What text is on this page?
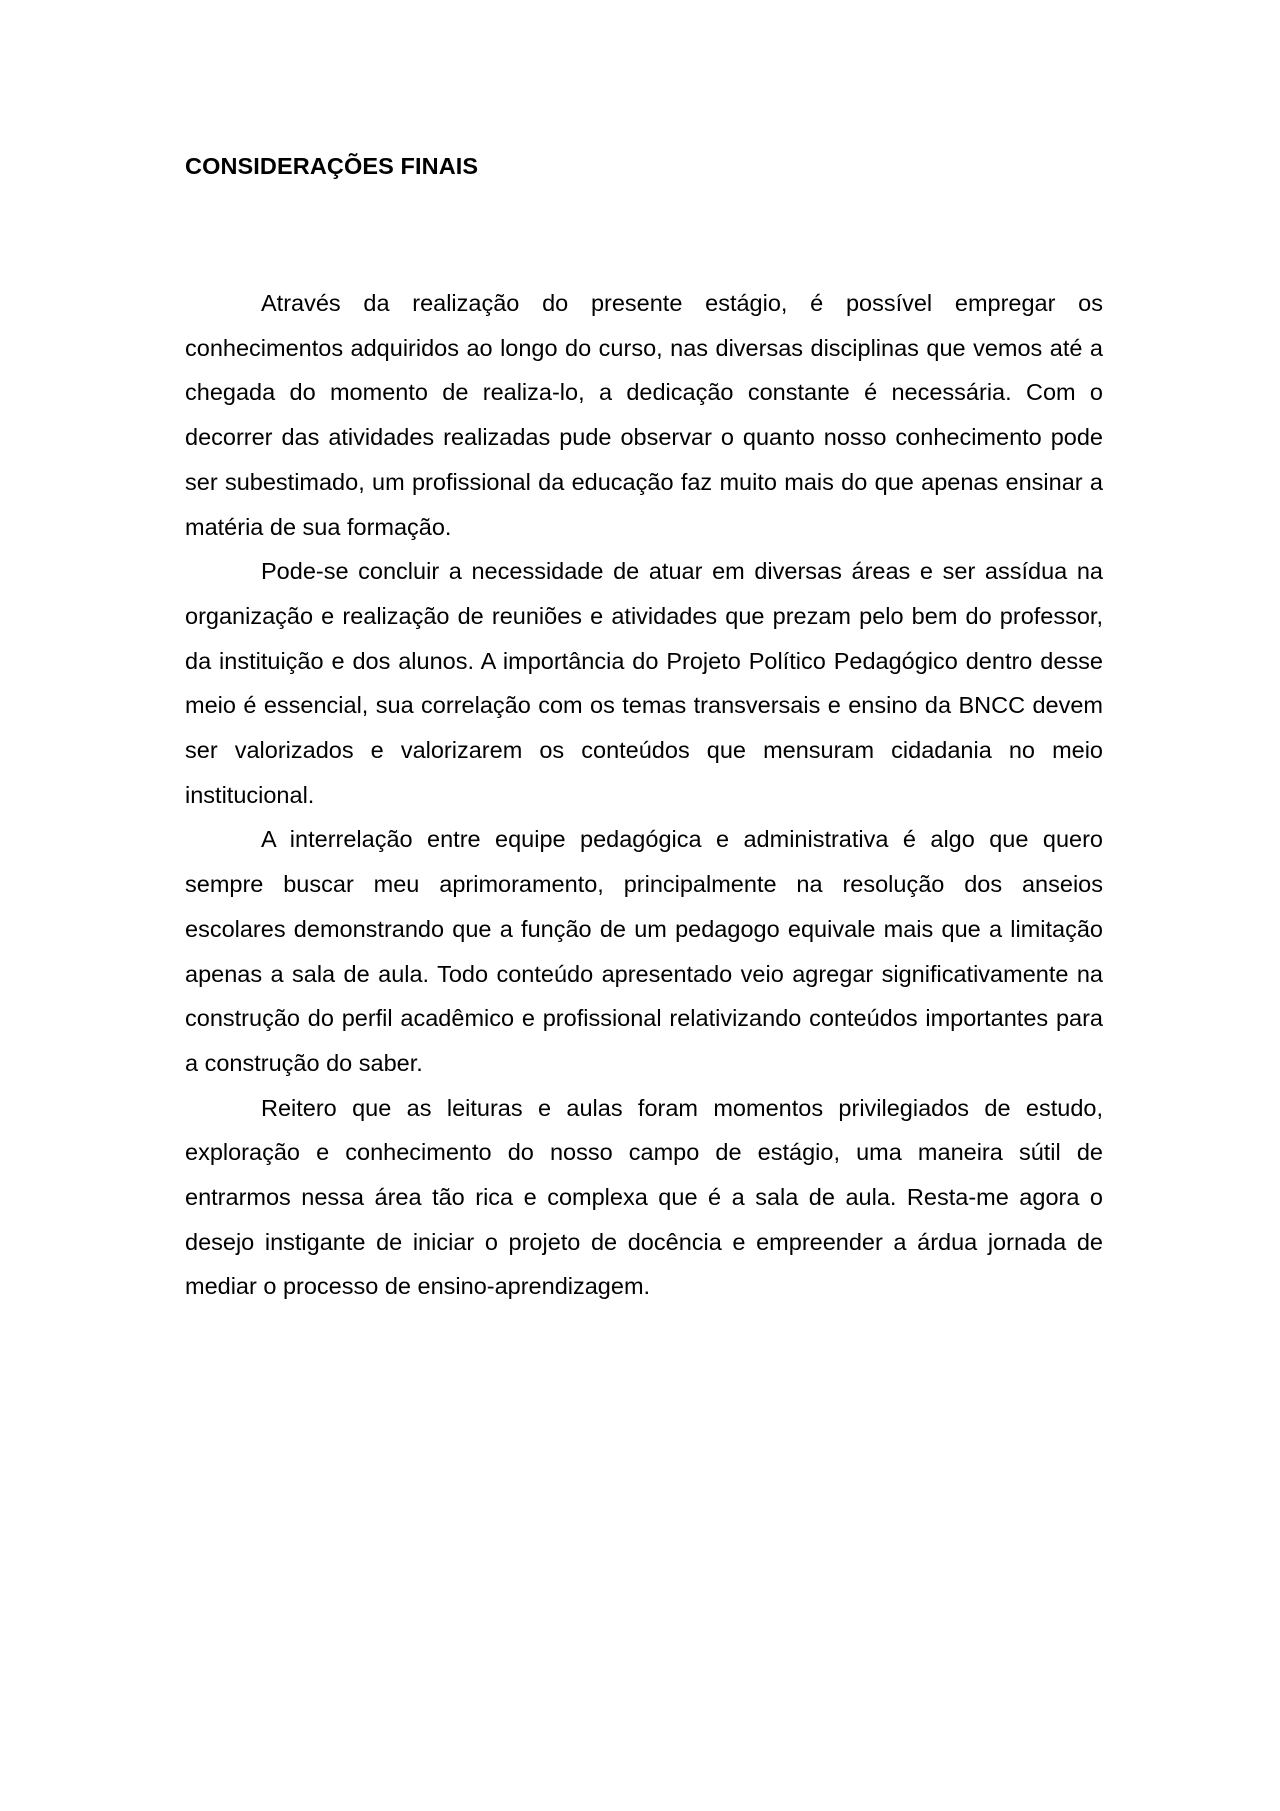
CONSIDERAÇÕES FINAIS

Através da realização do presente estágio, é possível empregar os conhecimentos adquiridos ao longo do curso, nas diversas disciplinas que vemos até a chegada do momento de realiza-lo, a dedicação constante é necessária. Com o decorrer das atividades realizadas pude observar o quanto nosso conhecimento pode ser subestimado, um profissional da educação faz muito mais do que apenas ensinar a matéria de sua formação.

Pode-se concluir a necessidade de atuar em diversas áreas e ser assídua na organização e realização de reuniões e atividades que prezam pelo bem do professor, da instituição e dos alunos. A importância do Projeto Político Pedagógico dentro desse meio é essencial, sua correlação com os temas transversais e ensino da BNCC devem ser valorizados e valorizarem os conteúdos que mensuram cidadania no meio institucional.

A interrelação entre equipe pedagógica e administrativa é algo que quero sempre buscar meu aprimoramento, principalmente na resolução dos anseios escolares demonstrando que a função de um pedagogo equivale mais que a limitação apenas a sala de aula. Todo conteúdo apresentado veio agregar significativamente na construção do perfil acadêmico e profissional relativizando conteúdos importantes para a construção do saber.

Reitero que as leituras e aulas foram momentos privilegiados de estudo, exploração e conhecimento do nosso campo de estágio, uma maneira sútil de entrarmos nessa área tão rica e complexa que é a sala de aula. Resta-me agora o desejo instigante de iniciar o projeto de docência e empreender a árdua jornada de mediar o processo de ensino-aprendizagem.
